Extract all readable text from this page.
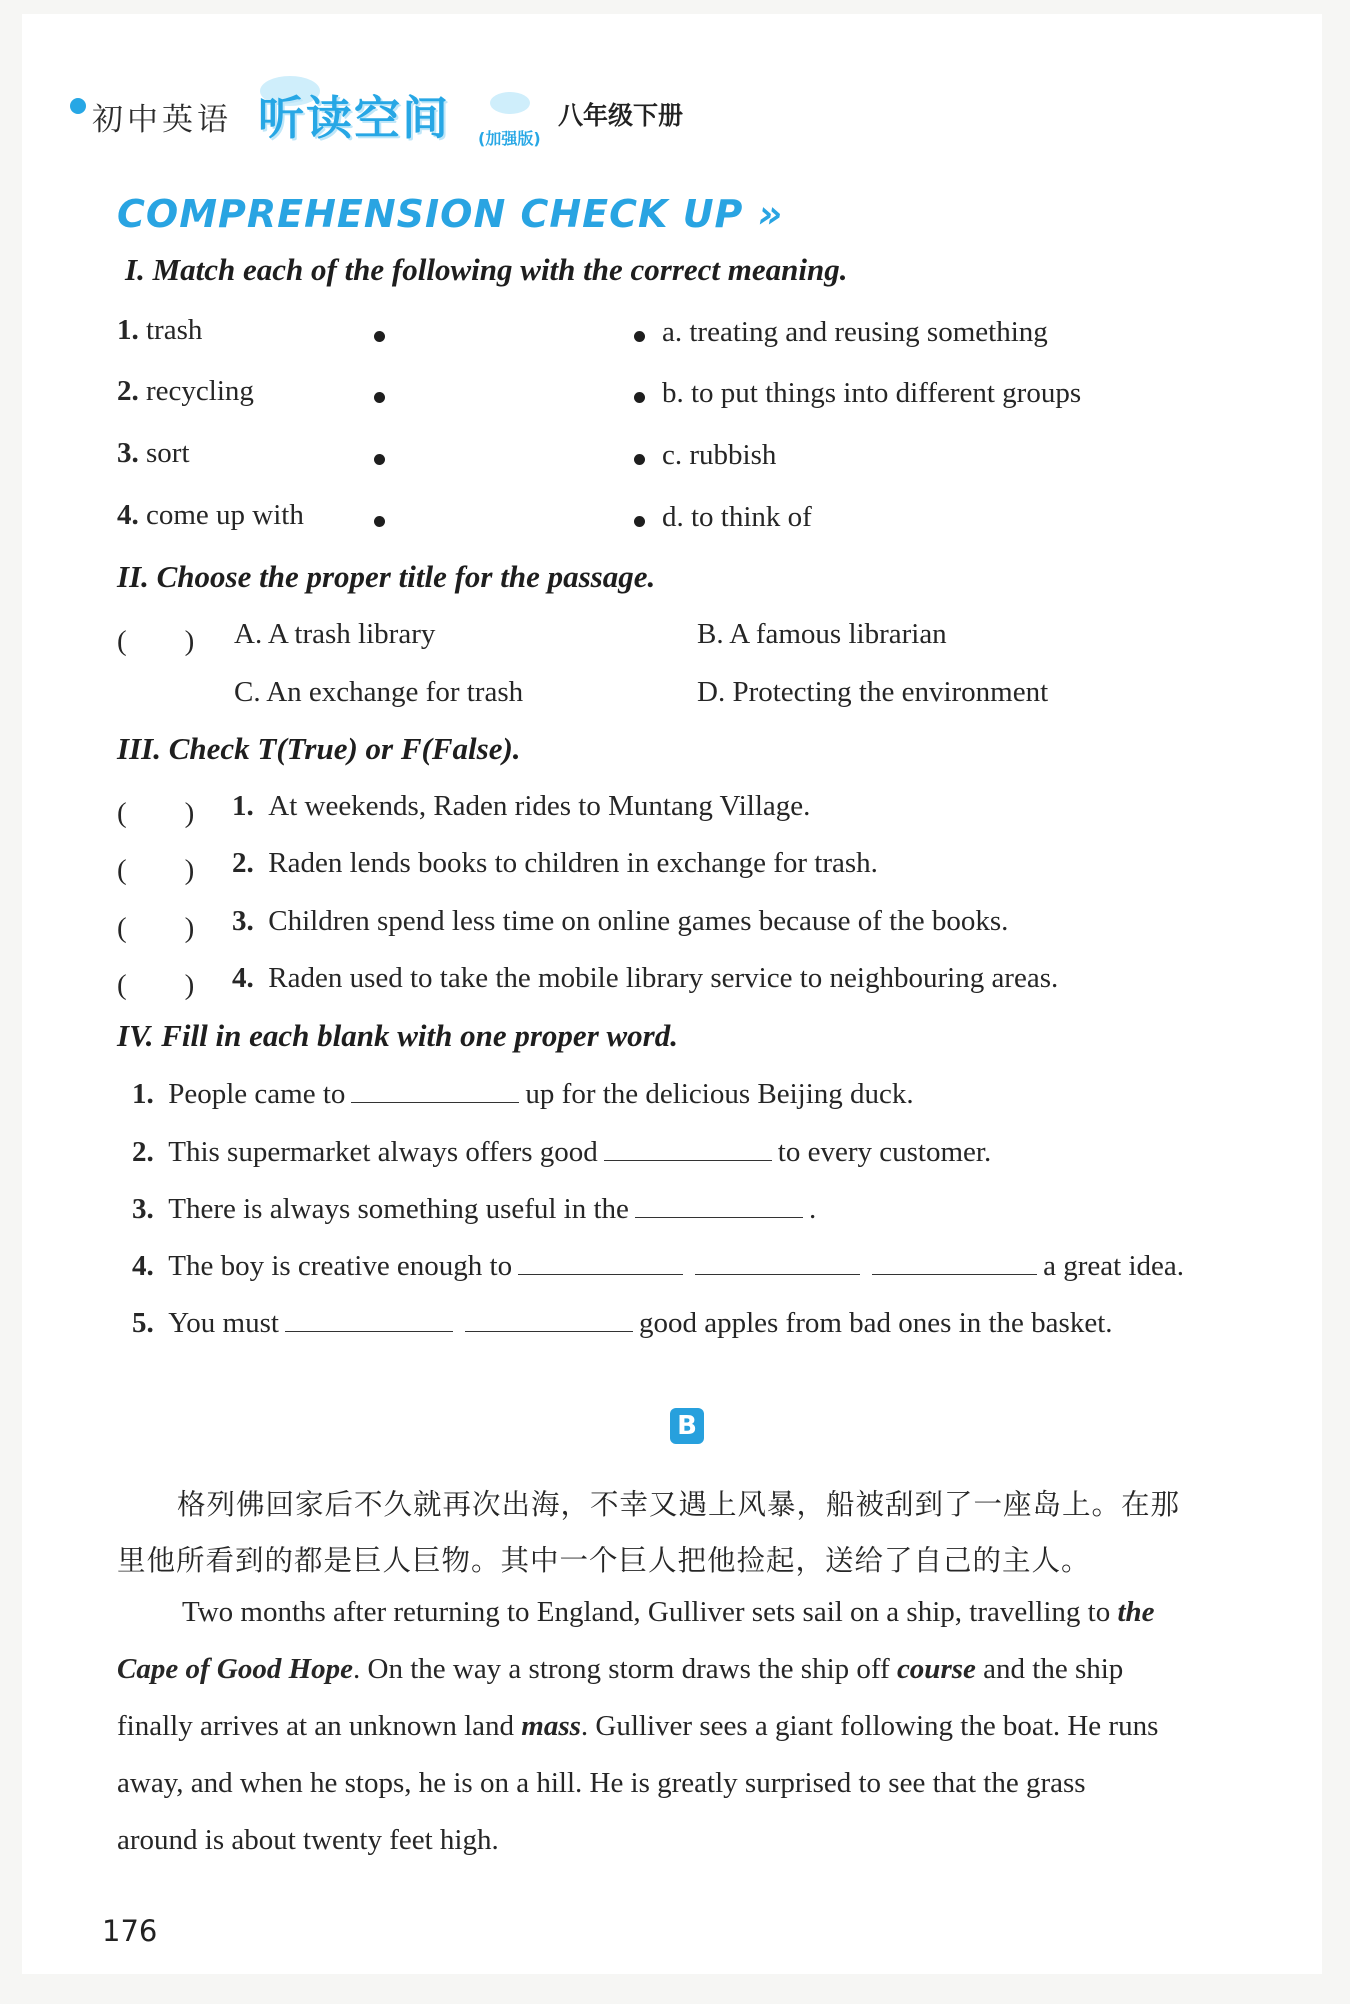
初中英语 听读空间 (加强版)
八年级下册
COMPREHENSION CHECK UP »
I. Match each of the following with the correct meaning.
1. trash	a. treating and reusing something
2. recycling	b. to put things into different groups
3. sort	c. rubbish
4. come up with	d. to think of
II. Choose the proper title for the passage.
(　　) A. A trash library	B. A famous librarian
C. An exchange for trash	D. Protecting the environment
III. Check T(True) or F(False).
(　　) 1. At weekends, Raden rides to Muntang Village.
(　　) 2. Raden lends books to children in exchange for trash.
(　　) 3. Children spend less time on online games because of the books.
(　　) 4. Raden used to take the mobile library service to neighbouring areas.
IV. Fill in each blank with one proper word.
1. People came to	up for the delicious Beijing duck.
2. This supermarket always offers good	to every customer.
3. There is always something useful in the	.
4. The boy is creative enough to	a great idea.
5. You must	good apples from bad ones in the basket.
B
格列佛回家后不久就再次出海，不幸又遇上风暴，船被刮到了一座岛上。在那
里他所看到的都是巨人巨物。其中一个巨人把他捡起，送给了自己的主人。
Two months after returning to England, Gulliver sets sail on a ship, travelling to the
Cape of Good Hope. On the way a strong storm draws the ship off course and the ship
finally arrives at an unknown land mass. Gulliver sees a giant following the boat. He runs
away, and when he stops, he is on a hill. He is greatly surprised to see that the grass
around is about twenty feet high.
176
